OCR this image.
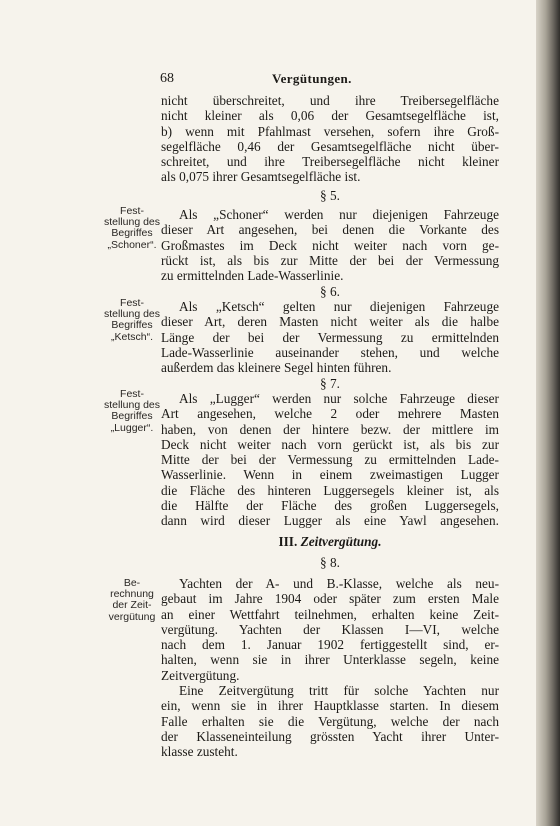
68	Vergütungen.
nicht überschreitet, und ihre Treibersegelfläche
nicht kleiner als 0,06 der Gesamtsegelfläche ist,
b) wenn mit Pfahlmast versehen, sofern ihre Groß-
segelfläche 0,46 der Gesamtsegelfläche nicht über-
schreitet, und ihre Treibersegelfläche nicht kleiner
als 0,075 ihrer Gesamtsegelfläche ist.
§ 5.
Fest-
stellung des
Begriffes
„Schoner“.
Als „Schoner“ werden nur diejenigen Fahrzeuge
dieser Art angesehen, bei denen die Vorkante des
Großmastes im Deck nicht weiter nach vorn ge-
rückt ist, als bis zur Mitte der bei der Vermessung
zu ermittelnden Lade-Wasserlinie.
§ 6.
Fest-
stellung des
Begriffes
„Ketsch“.
Als „Ketsch“ gelten nur diejenigen Fahrzeuge
dieser Art, deren Masten nicht weiter als die halbe
Länge der bei der Vermessung zu ermittelnden
Lade-Wasserlinie auseinander stehen, und welche
außerdem das kleinere Segel hinten führen.
§ 7.
Fest-
stellung des
Begriffes
„Lugger“.
Als „Lugger“ werden nur solche Fahrzeuge dieser
Art angesehen, welche 2 oder mehrere Masten
haben, von denen der hintere bezw. der mittlere im
Deck nicht weiter nach vorn gerückt ist, als bis zur
Mitte der bei der Vermessung zu ermittelnden Lade-
Wasserlinie. Wenn in einem zweimastigen Lugger
die Fläche des hinteren Luggersegels kleiner ist, als
die Hälfte der Fläche des großen Luggersegels,
dann wird dieser Lugger als eine Yawl angesehen.
III. Zeitvergütung.
§ 8.
Be-
rechnung
der Zeit-
vergütung
Yachten der A- und B.-Klasse, welche als neu-
gebaut im Jahre 1904 oder später zum ersten Male
an einer Wettfahrt teilnehmen, erhalten keine Zeit-
vergütung. Yachten der Klassen I—VI, welche
nach dem 1. Januar 1902 fertiggestellt sind, er-
halten, wenn sie in ihrer Unterklasse segeln, keine
Zeitvergütung.
Eine Zeitvergütung tritt für solche Yachten nur
ein, wenn sie in ihrer Hauptklasse starten. In diesem
Falle erhalten sie die Vergütung, welche der nach
der Klasseneinteilung grössten Yacht ihrer Unter-
klasse zusteht.
